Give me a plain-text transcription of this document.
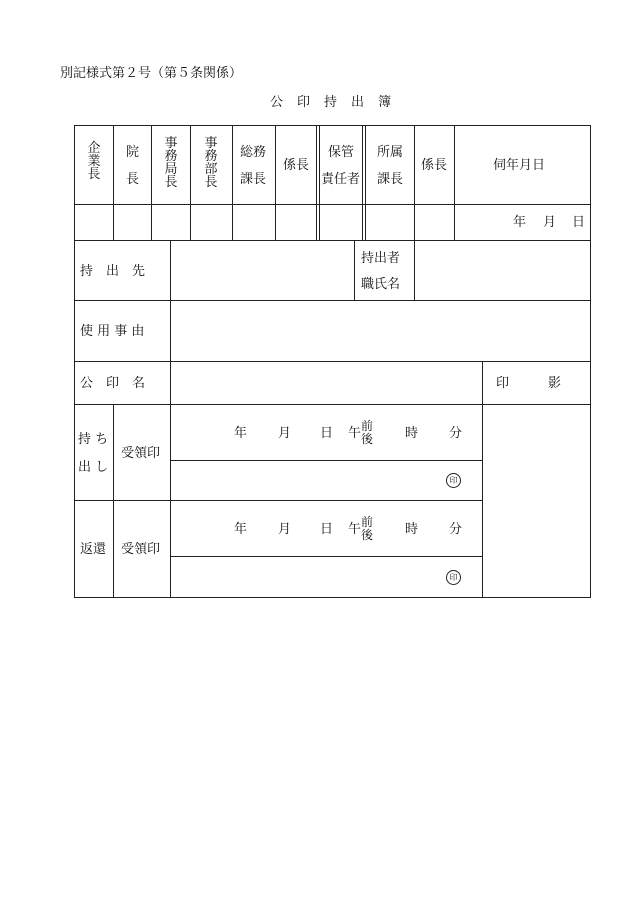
別記様式第２号（第５条関係）
公 印 持 出 簿
企
業
長
院
長
事
務
局
長
事
務
部
長
総務
課長
係長
保管
責任者
所属
課長
係長	伺年月日
年 月 日
持　出　先
持出者
職氏名
使 用 事 由
公　印　名	印　　　影
持 ち
出 し
受領印
年 月 日 午 前
後 時 分
印
返還 受領印
年 月 日 午 前
後 時 分
印
